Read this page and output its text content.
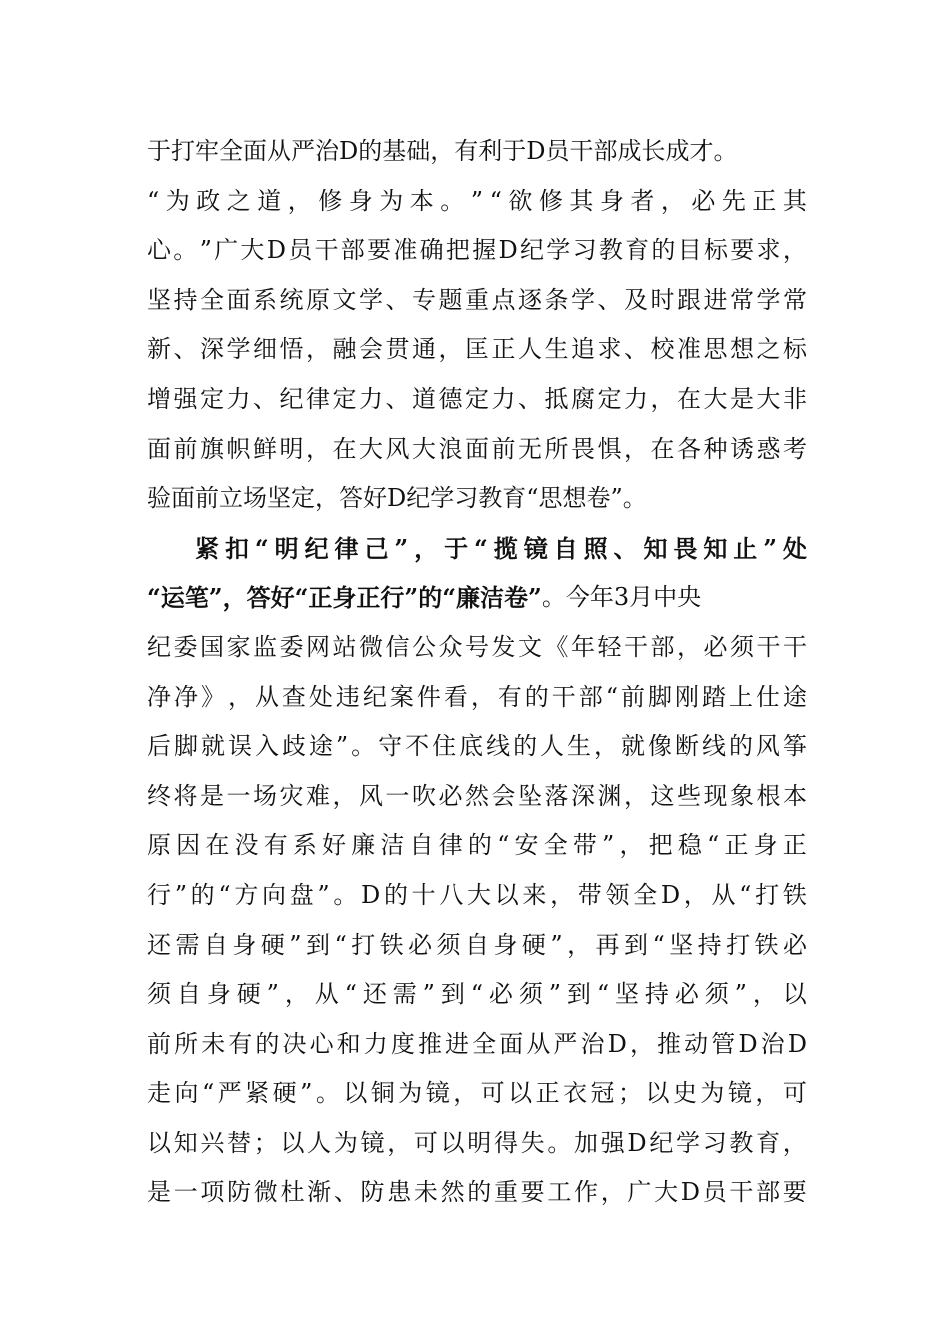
于打牢全面从严治D的基础，有利于D员干部成长成才。
“ 为 政 之 道 ， 修 身 为 本 。 ” “ 欲 修 其 身 者 ， 必 先 正 其
心 。 ” 广 大 D 员 干 部 要 准 确 把 握 D 纪 学 习 教 育 的 目 标 要 求 ，
坚 持 全 面 系 统 原 文 学 、 专 题 重 点 逐 条 学 、 及 时 跟 进 常 学 常
新 、 深 学 细 悟 ， 融 会 贯 通 ， 匡 正 人 生 追 求 、 校 准 思 想 之 标
增 强 定 力 、 纪 律 定 力 、 道 德 定 力 、 抵 腐 定 力 ， 在 大 是 大 非
面 前 旗 帜 鲜 明 ， 在 大 风 大 浪 面 前 无 所 畏 惧 ， 在 各 种 诱 惑 考
验面前立场坚定，答好D纪学习教育“思想卷”。
紧 扣 “ 明 纪 律 己 ” ， 于 “ 揽 镜 自 照 、 知 畏 知 止 ” 处
“运笔”，答好“正身正行”的“廉洁卷” 。今年3月中央
纪 委 国 家 监 委 网 站 微 信 公 众 号 发 文 《 年 轻 干 部 ， 必 须 干 干
净 净 》 ， 从 查 处 违 纪 案 件 看 ， 有 的 干 部 “ 前 脚 刚 踏 上 仕 途
后 脚 就 误 入 歧 途 ” 。 守 不 住 底 线 的 人 生 ， 就 像 断 线 的 风 筝
终 将 是 一 场 灾 难 ， 风 一 吹 必 然 会 坠 落 深 渊 ， 这 些 现 象 根 本
原 因 在 没 有 系 好 廉 洁 自 律 的 “ 安 全 带 ” ， 把 稳 “ 正 身 正
行 ” 的 “ 方 向 盘 ” 。 D 的 十 八 大 以 来 ， 带 领 全 D ， 从 “ 打 铁
还 需 自 身 硬 ” 到 “ 打 铁 必 须 自 身 硬 ” ， 再 到 “ 坚 持 打 铁 必
须 自 身 硬 ” ， 从 “ 还 需 ” 到 “ 必 须 ” 到 “ 坚 持 必 须 ” ， 以
前 所 未 有 的 决 心 和 力 度 推 进 全 面 从 严 治 D ， 推 动 管 D 治 D
走 向 “ 严 紧 硬 ” 。 以 铜 为 镜 ， 可 以 正 衣 冠 ； 以 史 为 镜 ， 可
以 知 兴 替 ； 以 人 为 镜 ， 可 以 明 得 失 。 加 强 D 纪 学 习 教 育 ，
是 一 项 防 微 杜 渐 、 防 患 未 然 的 重 要 工 作 ， 广 大 D 员 干 部 要
